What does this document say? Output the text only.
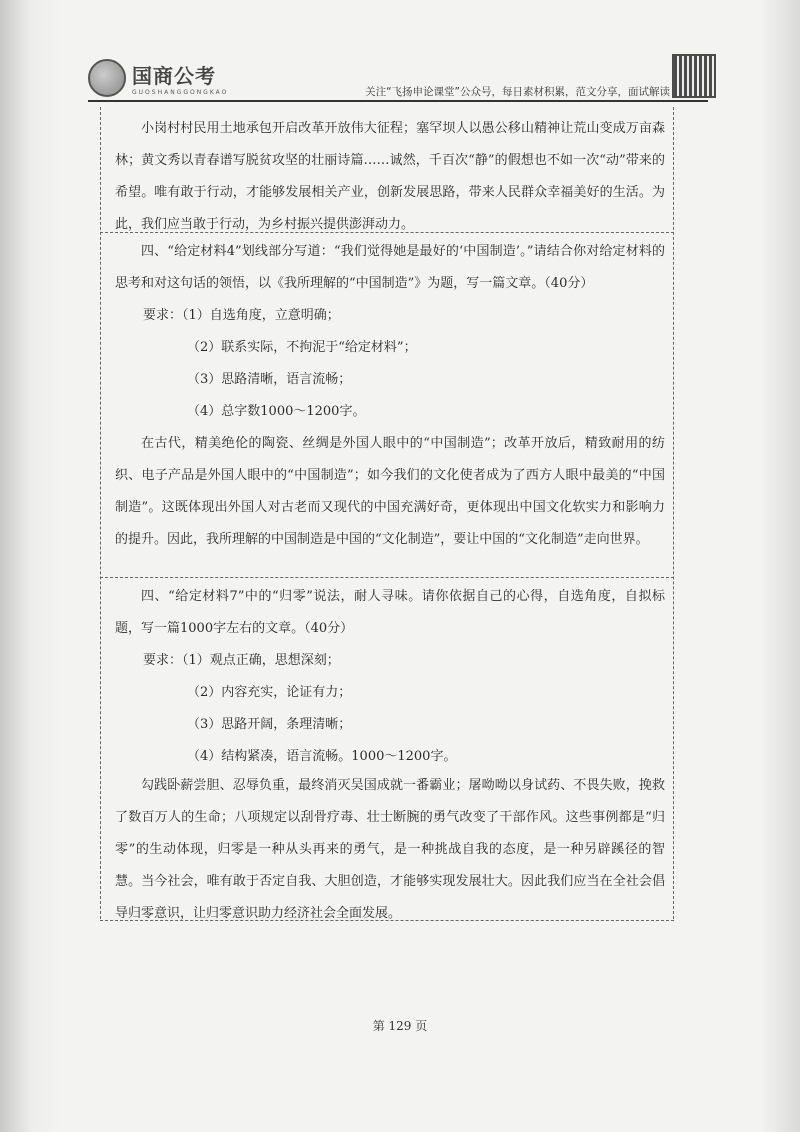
国商公考
GUOSHANGGONGKAO	关注“飞扬申论课堂”公众号，每日素材积累，范文分享，面试解读

小岗村村民用土地承包开启改革开放伟大征程；塞罕坝人以愚公移山精神让荒山变成万亩森林；黄文秀以青春谱写脱贫攻坚的壮丽诗篇……诚然，千百次“静”的假想也不如一次“动”带来的希望。唯有敢于行动，才能够发展相关产业，创新发展思路，带来人民群众幸福美好的生活。为此，我们应当敢于行动，为乡村振兴提供澎湃动力。

四、“给定材料4”划线部分写道：“我们觉得她是最好的‘中国制造’。”请结合你对给定材料的思考和对这句话的领悟，以《我所理解的“中国制造”》为题，写一篇文章。（40分）

要求：（1）自选角度，立意明确；

（2）联系实际，不拘泥于“给定材料”；

（3）思路清晰，语言流畅；

（4）总字数1000～1200字。

在古代，精美绝伦的陶瓷、丝绸是外国人眼中的“中国制造”；改革开放后，精致耐用的纺织、电子产品是外国人眼中的“中国制造”；如今我们的文化使者成为了西方人眼中最美的“中国制造”。这既体现出外国人对古老而又现代的中国充满好奇，更体现出中国文化软实力和影响力的提升。因此，我所理解的中国制造是中国的“文化制造”，要让中国的“文化制造”走向世界。

四、“给定材料7”中的“归零”说法，耐人寻味。请你依据自己的心得，自选角度，自拟标题，写一篇1000字左右的文章。（40分）

要求：（1）观点正确，思想深刻；

（2）内容充实，论证有力；

（3）思路开阔，条理清晰；

（4）结构紧凑，语言流畅。1000～1200字。

勾践卧薪尝胆、忍辱负重，最终消灭吴国成就一番霸业；屠呦呦以身试药、不畏失败，挽救了数百万人的生命；八项规定以刮骨疗毒、壮士断腕的勇气改变了干部作风。这些事例都是“归零”的生动体现，归零是一种从头再来的勇气，是一种挑战自我的态度，是一种另辟蹊径的智慧。当今社会，唯有敢于否定自我、大胆创造，才能够实现发展壮大。因此我们应当在全社会倡导归零意识，让归零意识助力经济社会全面发展。

第 129 页
